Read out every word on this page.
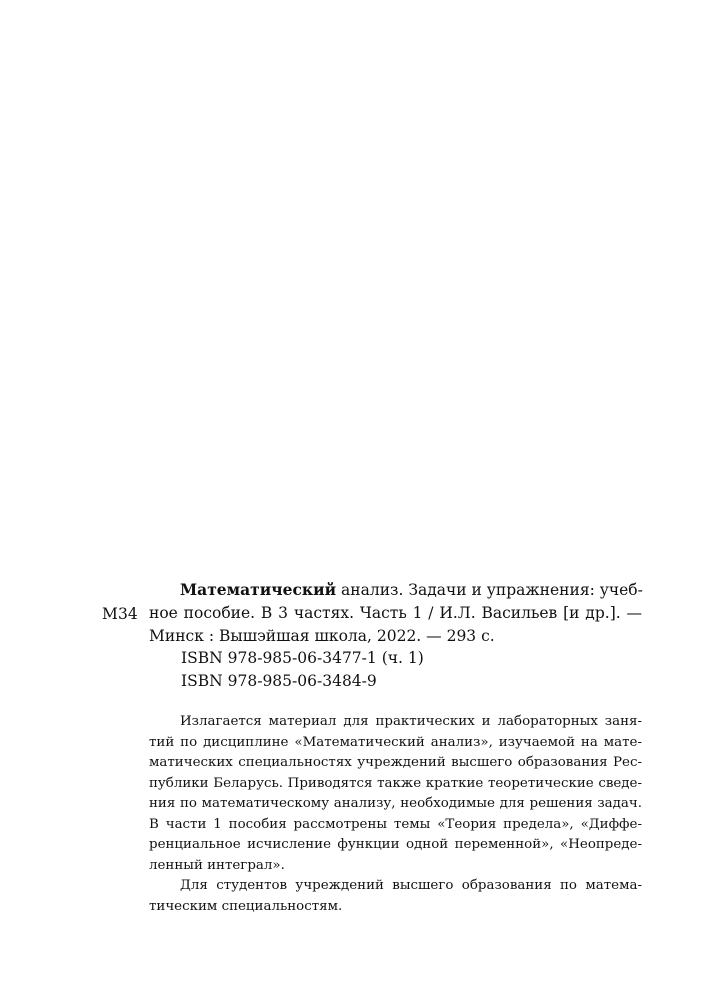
М34
Математический анализ. Задачи и упражнения: учеб-
ное пособие. В 3 частях. Часть 1 / И.Л. Васильев [и др.]. —
Минск : Вышэйшая школа, 2022. — 293 с.
ISBN 978-985-06-3477-1 (ч. 1)
ISBN 978-985-06-3484-9
Излагается материал для практических и лабораторных заня-
тий по дисциплине «Математический анализ», изучаемой на мате-
матических специальностях учреждений высшего образования Рес-
публики Беларусь. Приводятся также краткие теоретические сведе-
ния по математическому анализу, необходимые для решения задач.
В части 1 пособия рассмотрены темы «Теория предела», «Диффе-
ренциальное исчисление функции одной переменной», «Неопреде-
ленный интеграл».
Для студентов учреждений высшего образования по матема-
тическим специальностям.
